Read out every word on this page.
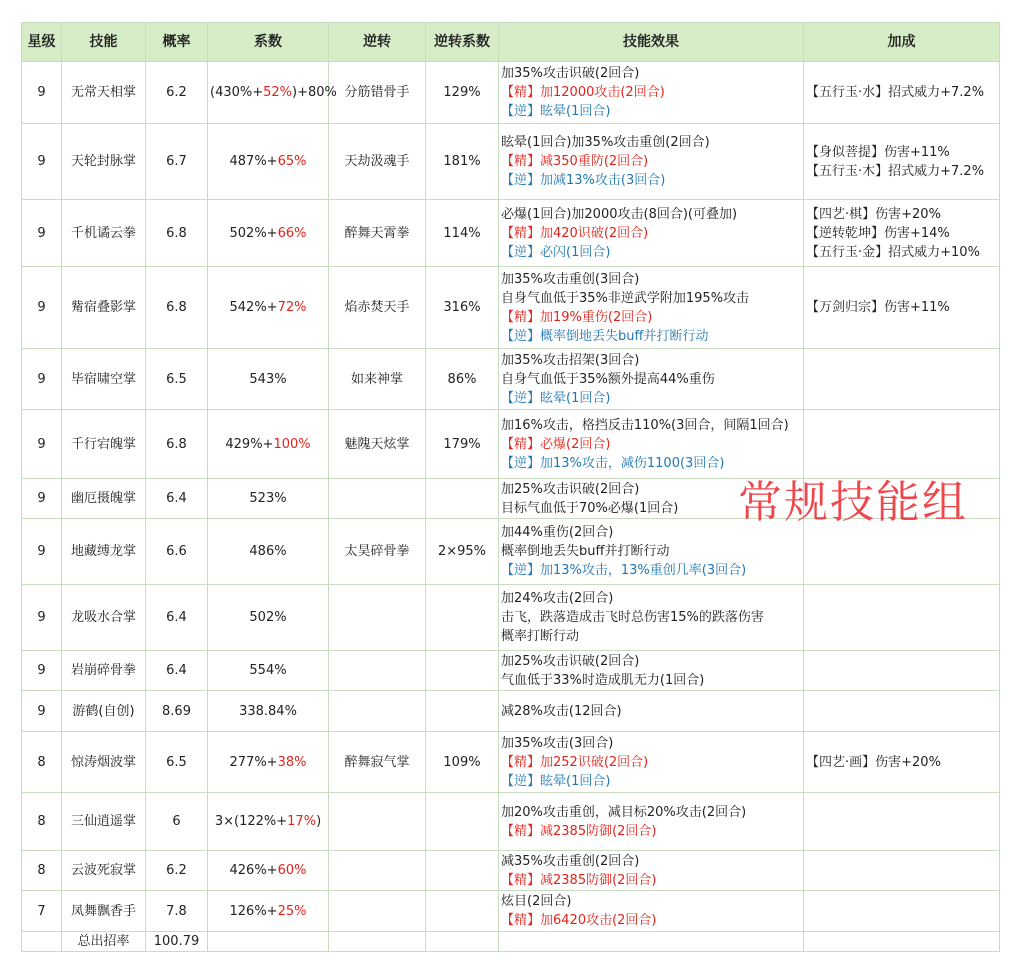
星级	技能	概率	系数	逆转	逆转系数	技能效果	加成
9	无常天相掌	6.2	(430%+52%)+80%	分筋错骨手	129%	加35%攻击识破(2回合)
【精】加12000攻击(2回合)
【逆】眩晕(1回合)	【五行玉·水】招式威力+7.2%

9	天轮封脉掌	6.7	487%+65%	天劫汲魂手	181%	眩晕(1回合)加35%攻击重创(2回合)
【精】减350重防(2回合)
【逆】加减13%攻击(3回合)	【身似菩提】伤害+11%
【五行玉·木】招式威力+7.2%

9	千机谲云拳	6.8	502%+66%	醉舞天霄拳	114%	必爆(1回合)加2000攻击(8回合)(可叠加)
【精】加420识破(2回合)
【逆】必闪(1回合)	【四艺·棋】伤害+20%
【逆转乾坤】伤害+14%
【五行玉·金】招式威力+10%

9	觜宿叠影掌	6.8	542%+72%	焰赤焚天手	316%	加35%攻击重创(3回合)
自身气血低于35%非逆武学附加195%攻击
【精】加19%重伤(2回合)
【逆】概率倒地丢失buff并打断行动	【万剑归宗】伤害+11%

9	毕宿啸空掌	6.5	543%	如来神掌	86%	加35%攻击招架(3回合)
自身气血低于35%额外提高44%重伤
【逆】眩晕(1回合)	

9	千行宕魄掌	6.8	429%+100%	魅隗天炫掌	179%	加16%攻击，格挡反击110%(3回合，间隔1回合)
【精】必爆(2回合)
【逆】加13%攻击，减伤1100(3回合)	

9	幽厄摄魄掌	6.4	523%			加25%攻击识破(2回合)
目标气血低于70%必爆(1回合)	

9	地藏缚龙掌	6.6	486%	太昊碎骨拳	2×95%	加44%重伤(2回合)
概率倒地丢失buff并打断行动
【逆】加13%攻击，13%重创几率(3回合)	

9	龙吸水合掌	6.4	502%			加24%攻击(2回合)
击飞，跌落造成击飞时总伤害15%的跌落伤害
概率打断行动	

9	岩崩碎骨拳	6.4	554%			加25%攻击识破(2回合)
气血低于33%时造成肌无力(1回合)	

9	游鹤(自创)	8.69	338.84%			减28%攻击(12回合)	

8	惊涛烟波掌	6.5	277%+38%	醉舞寂气掌	109%	加35%攻击(3回合)
【精】加252识破(2回合)
【逆】眩晕(1回合)	【四艺·画】伤害+20%

8	三仙逍遥掌	6	3×(122%+17%)			加20%攻击重创，减目标20%攻击(2回合)
【精】减2385防御(2回合)	

8	云波死寂掌	6.2	426%+60%			减35%攻击重创(2回合)
【精】减2385防御(2回合)	

7	凤舞飘香手	7.8	126%+25%			炫目(2回合)
【精】加6420攻击(2回合)	

	总出招率	100.79					
常规技能组
